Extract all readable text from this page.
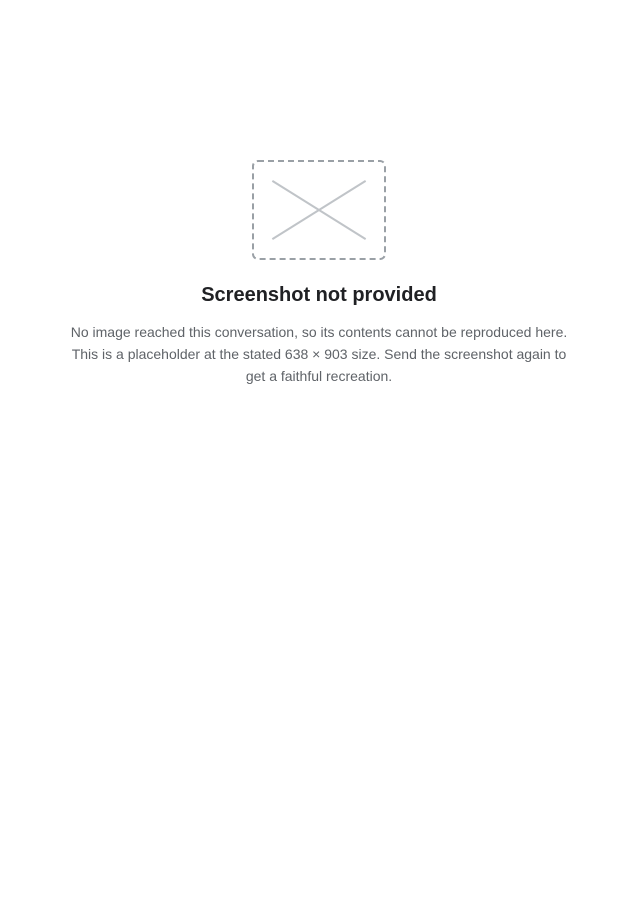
Screenshot not provided

No image reached this conversation, so its contents cannot be reproduced here. This is a placeholder at the stated 638 × 903 size. Send the screenshot again to get a faithful recreation.
